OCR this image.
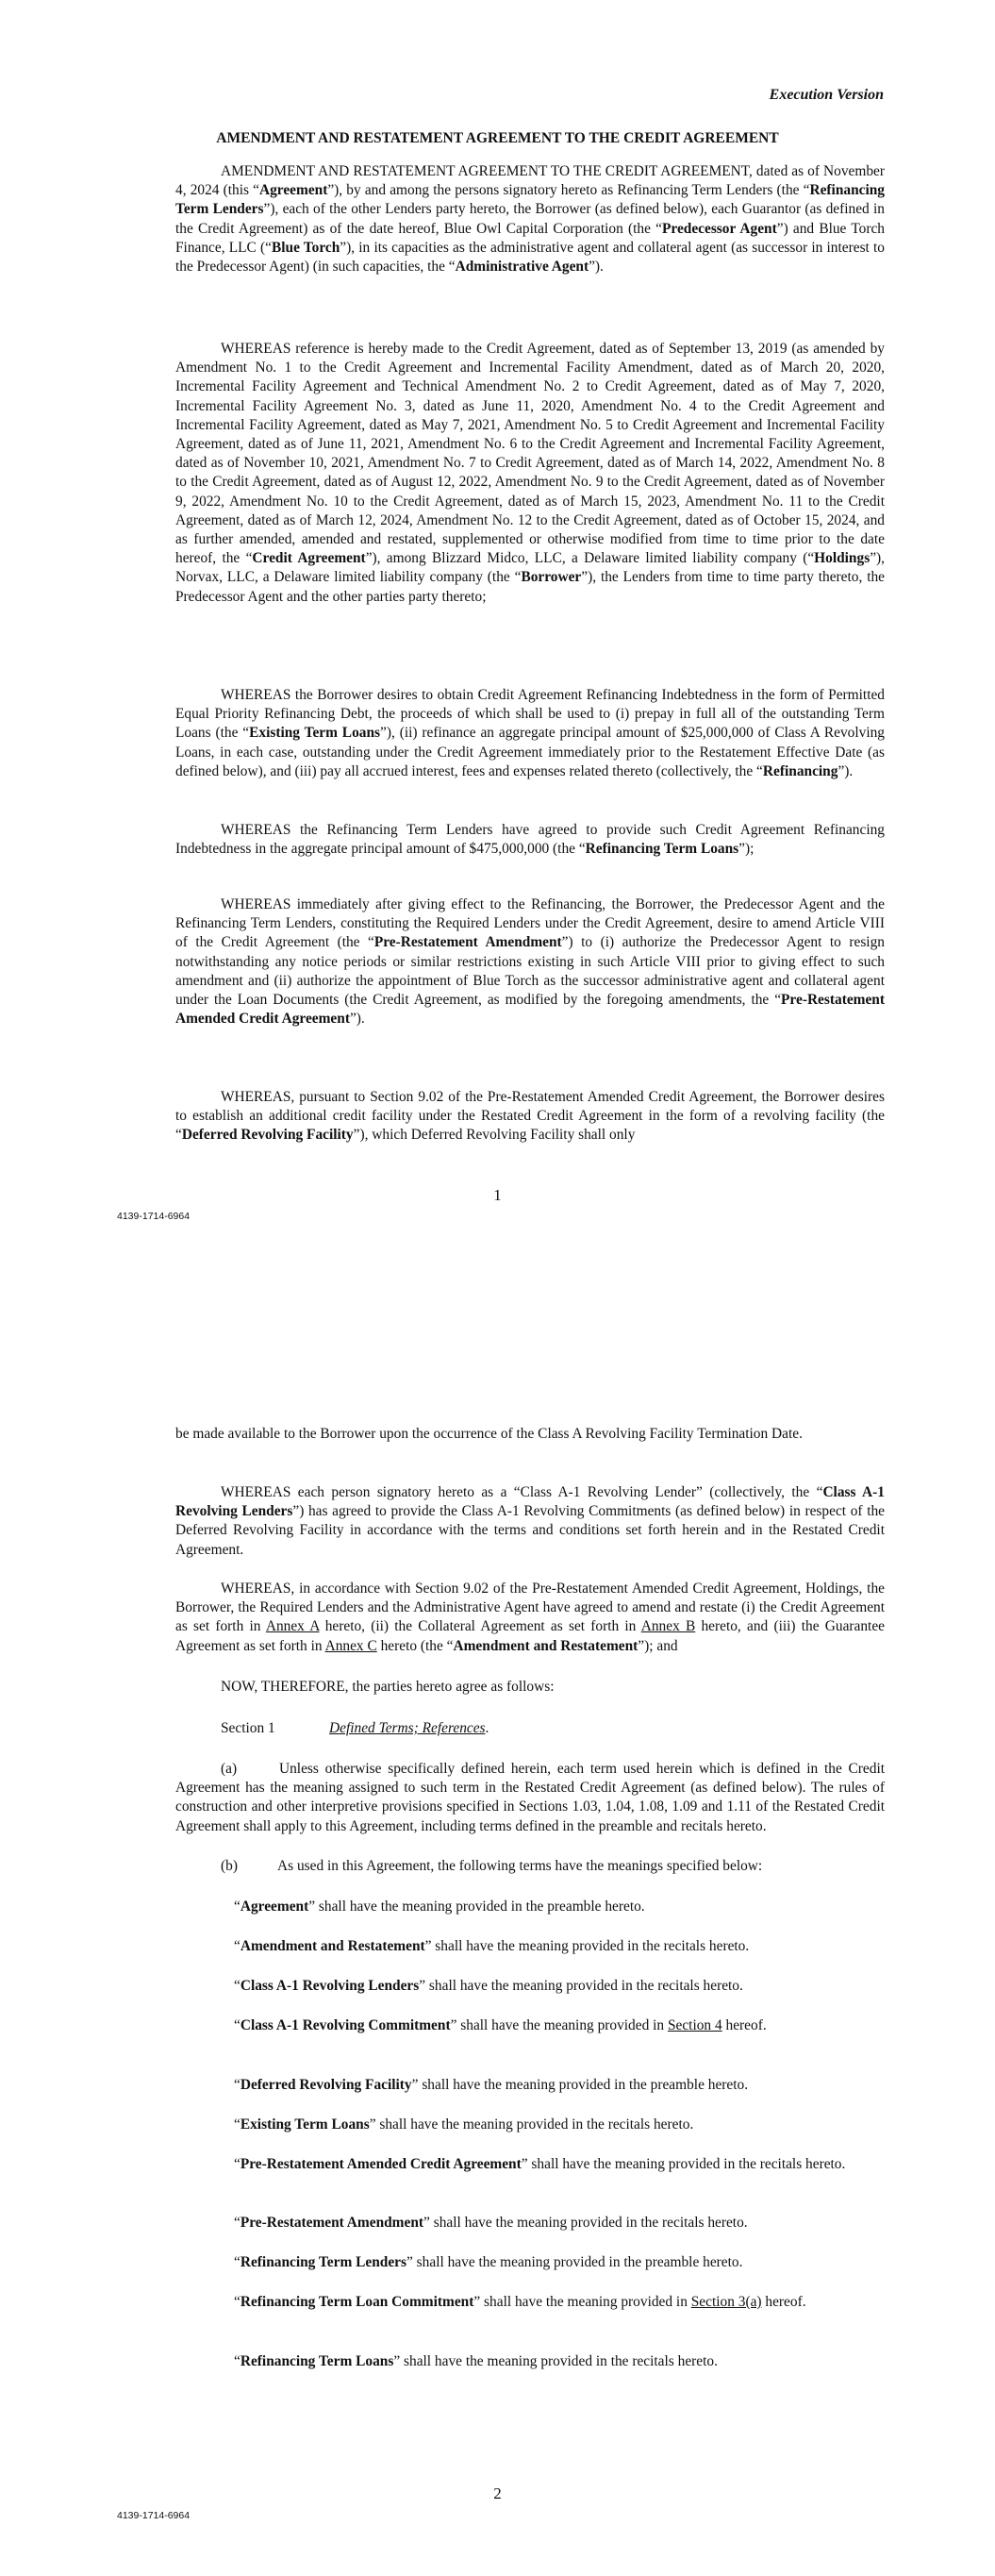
Execution Version
AMENDMENT AND RESTATEMENT AGREEMENT TO THE CREDIT AGREEMENT

AMENDMENT AND RESTATEMENT AGREEMENT TO THE CREDIT AGREEMENT, dated as of November 4, 2024 (this “Agreement”), by and among the persons signatory hereto as Refinancing Term Lenders (the “Refinancing Term Lenders”), each of the other Lenders party hereto, the Borrower (as defined below), each Guarantor (as defined in the Credit Agreement) as of the date hereof, Blue Owl Capital Corporation (the “Predecessor Agent”) and Blue Torch Finance, LLC (“Blue Torch”), in its capacities as the administrative agent and collateral agent (as successor in interest to the Predecessor Agent) (in such capacities, the “Administrative Agent”).

WHEREAS reference is hereby made to the Credit Agreement, dated as of September 13, 2019 (as amended by Amendment No. 1 to the Credit Agreement and Incremental Facility Amendment, dated as of March 20, 2020, Incremental Facility Agreement and Technical Amendment No. 2 to Credit Agreement, dated as of May 7, 2020, Incremental Facility Agreement No. 3, dated as June 11, 2020, Amendment No. 4 to the Credit Agreement and Incremental Facility Agreement, dated as May 7, 2021, Amendment No. 5 to Credit Agreement and Incremental Facility Agreement, dated as of June 11, 2021, Amendment No. 6 to the Credit Agreement and Incremental Facility Agreement, dated as of November 10, 2021, Amendment No. 7 to Credit Agreement, dated as of March 14, 2022, Amendment No. 8 to the Credit Agreement, dated as of August 12, 2022, Amendment No. 9 to the Credit Agreement, dated as of November 9, 2022, Amendment No. 10 to the Credit Agreement, dated as of March 15, 2023, Amendment No. 11 to the Credit Agreement, dated as of March 12, 2024, Amendment No. 12 to the Credit Agreement, dated as of October 15, 2024, and as further amended, amended and restated, supplemented or otherwise modified from time to time prior to the date hereof, the “Credit Agreement”), among Blizzard Midco, LLC, a Delaware limited liability company (“Holdings”), Norvax, LLC, a Delaware limited liability company (the “Borrower”), the Lenders from time to time party thereto, the Predecessor Agent and the other parties party thereto;

WHEREAS the Borrower desires to obtain Credit Agreement Refinancing Indebtedness in the form of Permitted Equal Priority Refinancing Debt, the proceeds of which shall be used to (i) prepay in full all of the outstanding Term Loans (the “Existing Term Loans”), (ii) refinance an aggregate principal amount of $25,000,000 of Class A Revolving Loans, in each case, outstanding under the Credit Agreement immediately prior to the Restatement Effective Date (as defined below), and (iii) pay all accrued interest, fees and expenses related thereto (collectively, the “Refinancing”).

WHEREAS the Refinancing Term Lenders have agreed to provide such Credit Agreement Refinancing Indebtedness in the aggregate principal amount of $475,000,000 (the “Refinancing Term Loans”);

WHEREAS immediately after giving effect to the Refinancing, the Borrower, the Predecessor Agent and the Refinancing Term Lenders, constituting the Required Lenders under the Credit Agreement, desire to amend Article VIII of the Credit Agreement (the “Pre-Restatement Amendment”) to (i) authorize the Predecessor Agent to resign notwithstanding any notice periods or similar restrictions existing in such Article VIII prior to giving effect to such amendment and (ii) authorize the appointment of Blue Torch as the successor administrative agent and collateral agent under the Loan Documents (the Credit Agreement, as modified by the foregoing amendments, the “Pre-Restatement Amended Credit Agreement”).

WHEREAS, pursuant to Section 9.02 of the Pre-Restatement Amended Credit Agreement, the Borrower desires to establish an additional credit facility under the Restated Credit Agreement in the form of a revolving facility (the “Deferred Revolving Facility”), which Deferred Revolving Facility shall only

1
4139-1714-6964

be made available to the Borrower upon the occurrence of the Class A Revolving Facility Termination Date.

WHEREAS each person signatory hereto as a “Class A-1 Revolving Lender” (collectively, the “Class A-1 Revolving Lenders”) has agreed to provide the Class A-1 Revolving Commitments (as defined below) in respect of the Deferred Revolving Facility in accordance with the terms and conditions set forth herein and in the Restated Credit Agreement.

WHEREAS, in accordance with Section 9.02 of the Pre-Restatement Amended Credit Agreement, Holdings, the Borrower, the Required Lenders and the Administrative Agent have agreed to amend and restate (i) the Credit Agreement as set forth in Annex A hereto, (ii) the Collateral Agreement as set forth in Annex B hereto, and (iii) the Guarantee Agreement as set forth in Annex C hereto (the “Amendment and Restatement”); and

NOW, THEREFORE, the parties hereto agree as follows:

Section 1	Defined Terms; References.

(a)	Unless otherwise specifically defined herein, each term used herein which is defined in the Credit Agreement has the meaning assigned to such term in the Restated Credit Agreement (as defined below). The rules of construction and other interpretive provisions specified in Sections 1.03, 1.04, 1.08, 1.09 and 1.11 of the Restated Credit Agreement shall apply to this Agreement, including terms defined in the preamble and recitals hereto.

(b)	As used in this Agreement, the following terms have the meanings specified below:

“Agreement” shall have the meaning provided in the preamble hereto.

“Amendment and Restatement” shall have the meaning provided in the recitals hereto.

“Class A-1 Revolving Lenders” shall have the meaning provided in the recitals hereto.

“Class A-1 Revolving Commitment” shall have the meaning provided in Section 4 hereof.

“Deferred Revolving Facility” shall have the meaning provided in the preamble hereto.

“Existing Term Loans” shall have the meaning provided in the recitals hereto.

“Pre-Restatement Amended Credit Agreement” shall have the meaning provided in the recitals hereto.

“Pre-Restatement Amendment” shall have the meaning provided in the recitals hereto.

“Refinancing Term Lenders” shall have the meaning provided in the preamble hereto.

“Refinancing Term Loan Commitment” shall have the meaning provided in Section 3(a) hereof.

“Refinancing Term Loans” shall have the meaning provided in the recitals hereto.

2
4139-1714-6964
